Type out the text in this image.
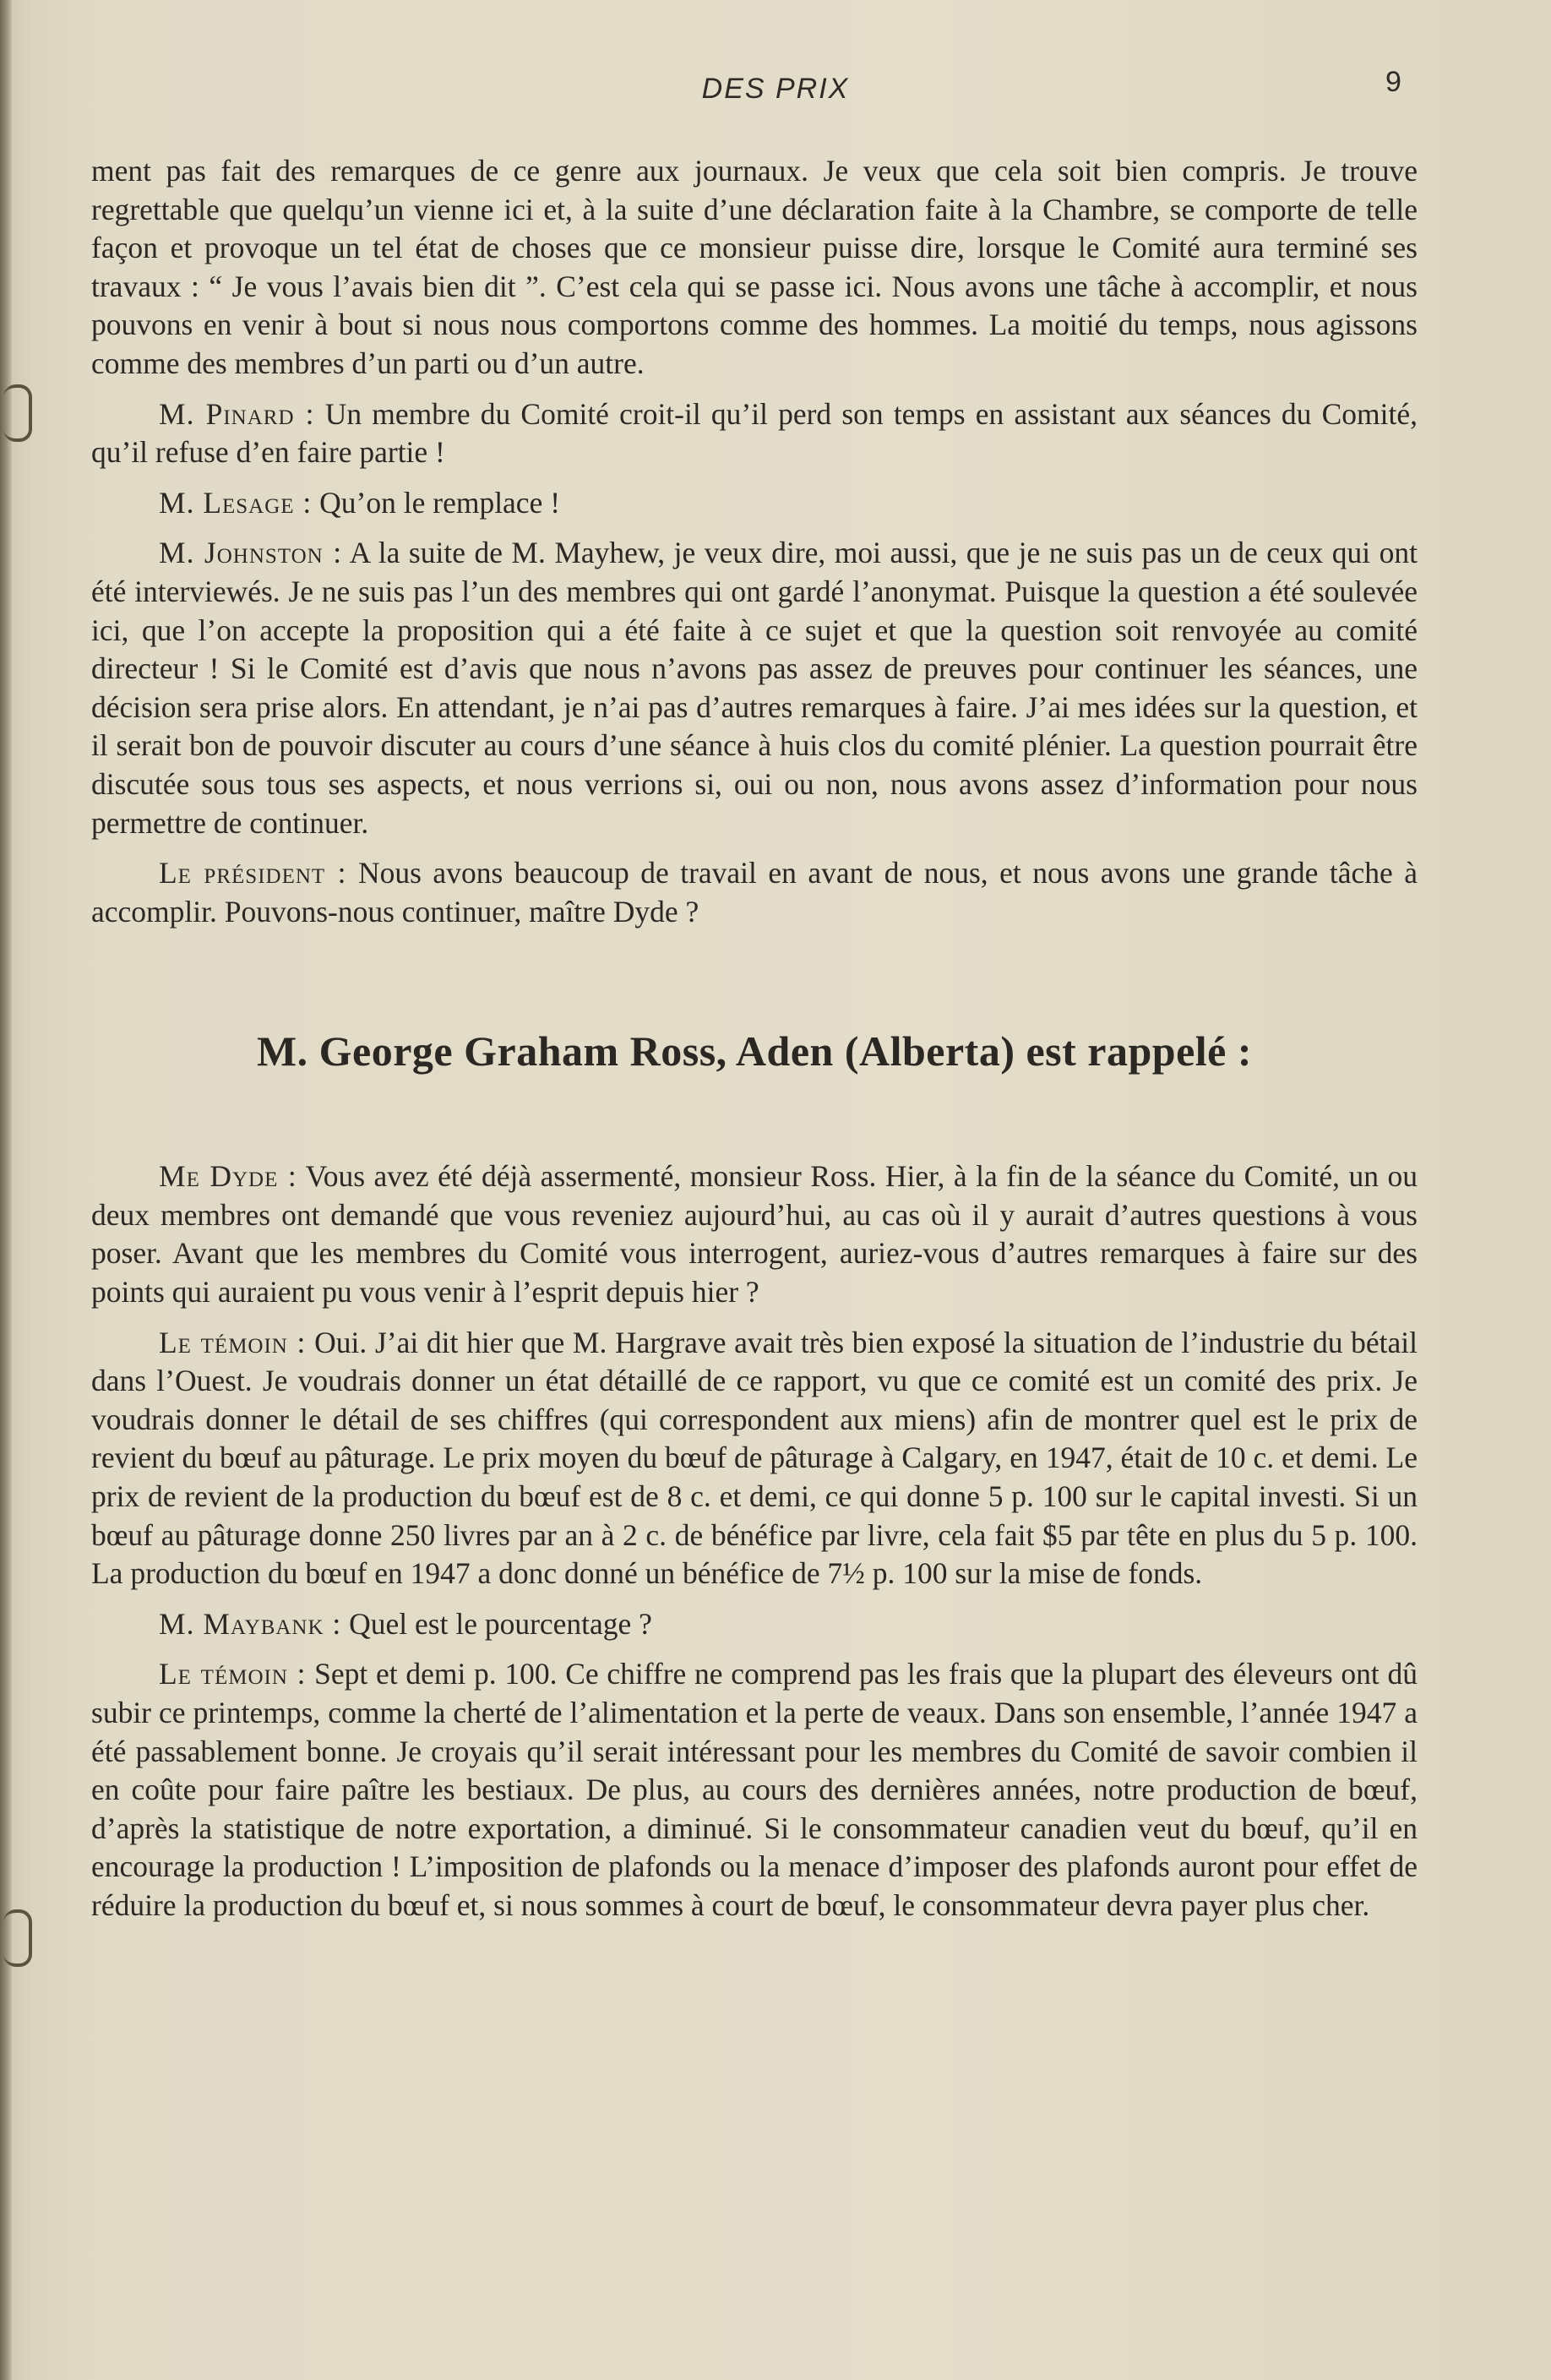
DES PRIX	9

ment pas fait des remarques de ce genre aux journaux. Je veux que cela soit bien compris. Je trouve regrettable que quelqu’un vienne ici et, à la suite d’une déclaration faite à la Chambre, se comporte de telle façon et provoque un tel état de choses que ce monsieur puisse dire, lorsque le Comité aura terminé ses travaux : “ Je vous l’avais bien dit ”. C’est cela qui se passe ici. Nous avons une tâche à accomplir, et nous pouvons en venir à bout si nous nous comportons comme des hommes. La moitié du temps, nous agissons comme des membres d’un parti ou d’un autre.

M. Pinard : Un membre du Comité croit-il qu’il perd son temps en assistant aux séances du Comité, qu’il refuse d’en faire partie !

M. Lesage : Qu’on le remplace !

M. Johnston : A la suite de M. Mayhew, je veux dire, moi aussi, que je ne suis pas un de ceux qui ont été interviewés. Je ne suis pas l’un des membres qui ont gardé l’anonymat. Puisque la question a été soulevée ici, que l’on accepte la proposition qui a été faite à ce sujet et que la question soit renvoyée au comité directeur ! Si le Comité est d’avis que nous n’avons pas assez de preuves pour continuer les séances, une décision sera prise alors. En attendant, je n’ai pas d’autres remarques à faire. J’ai mes idées sur la question, et il serait bon de pouvoir discuter au cours d’une séance à huis clos du comité plénier. La question pourrait être discutée sous tous ses aspects, et nous verrions si, oui ou non, nous avons assez d’information pour nous permettre de continuer.

Le président : Nous avons beaucoup de travail en avant de nous, et nous avons une grande tâche à accomplir. Pouvons-nous continuer, maître Dyde ?

M. George Graham Ross, Aden (Alberta) est rappelé :

Me Dyde : Vous avez été déjà assermenté, monsieur Ross. Hier, à la fin de la séance du Comité, un ou deux membres ont demandé que vous reveniez aujourd’hui, au cas où il y aurait d’autres questions à vous poser. Avant que les membres du Comité vous interrogent, auriez-vous d’autres remarques à faire sur des points qui auraient pu vous venir à l’esprit depuis hier ?

Le témoin : Oui. J’ai dit hier que M. Hargrave avait très bien exposé la situation de l’industrie du bétail dans l’Ouest. Je voudrais donner un état détaillé de ce rapport, vu que ce comité est un comité des prix. Je voudrais donner le détail de ses chiffres (qui correspondent aux miens) afin de montrer quel est le prix de revient du bœuf au pâturage. Le prix moyen du bœuf de pâturage à Calgary, en 1947, était de 10 c. et demi. Le prix de revient de la production du bœuf est de 8 c. et demi, ce qui donne 5 p. 100 sur le capital investi. Si un bœuf au pâturage donne 250 livres par an à 2 c. de bénéfice par livre, cela fait $5 par tête en plus du 5 p. 100. La production du bœuf en 1947 a donc donné un bénéfice de 7½ p. 100 sur la mise de fonds.

M. Maybank : Quel est le pourcentage ?

Le témoin : Sept et demi p. 100. Ce chiffre ne comprend pas les frais que la plupart des éleveurs ont dû subir ce printemps, comme la cherté de l’alimentation et la perte de veaux. Dans son ensemble, l’année 1947 a été passablement bonne. Je croyais qu’il serait intéressant pour les membres du Comité de savoir combien il en coûte pour faire paître les bestiaux. De plus, au cours des dernières années, notre production de bœuf, d’après la statistique de notre exportation, a diminué. Si le consommateur canadien veut du bœuf, qu’il en encourage la production ! L’imposition de plafonds ou la menace d’imposer des plafonds auront pour effet de réduire la production du bœuf et, si nous sommes à court de bœuf, le consommateur devra payer plus cher.
